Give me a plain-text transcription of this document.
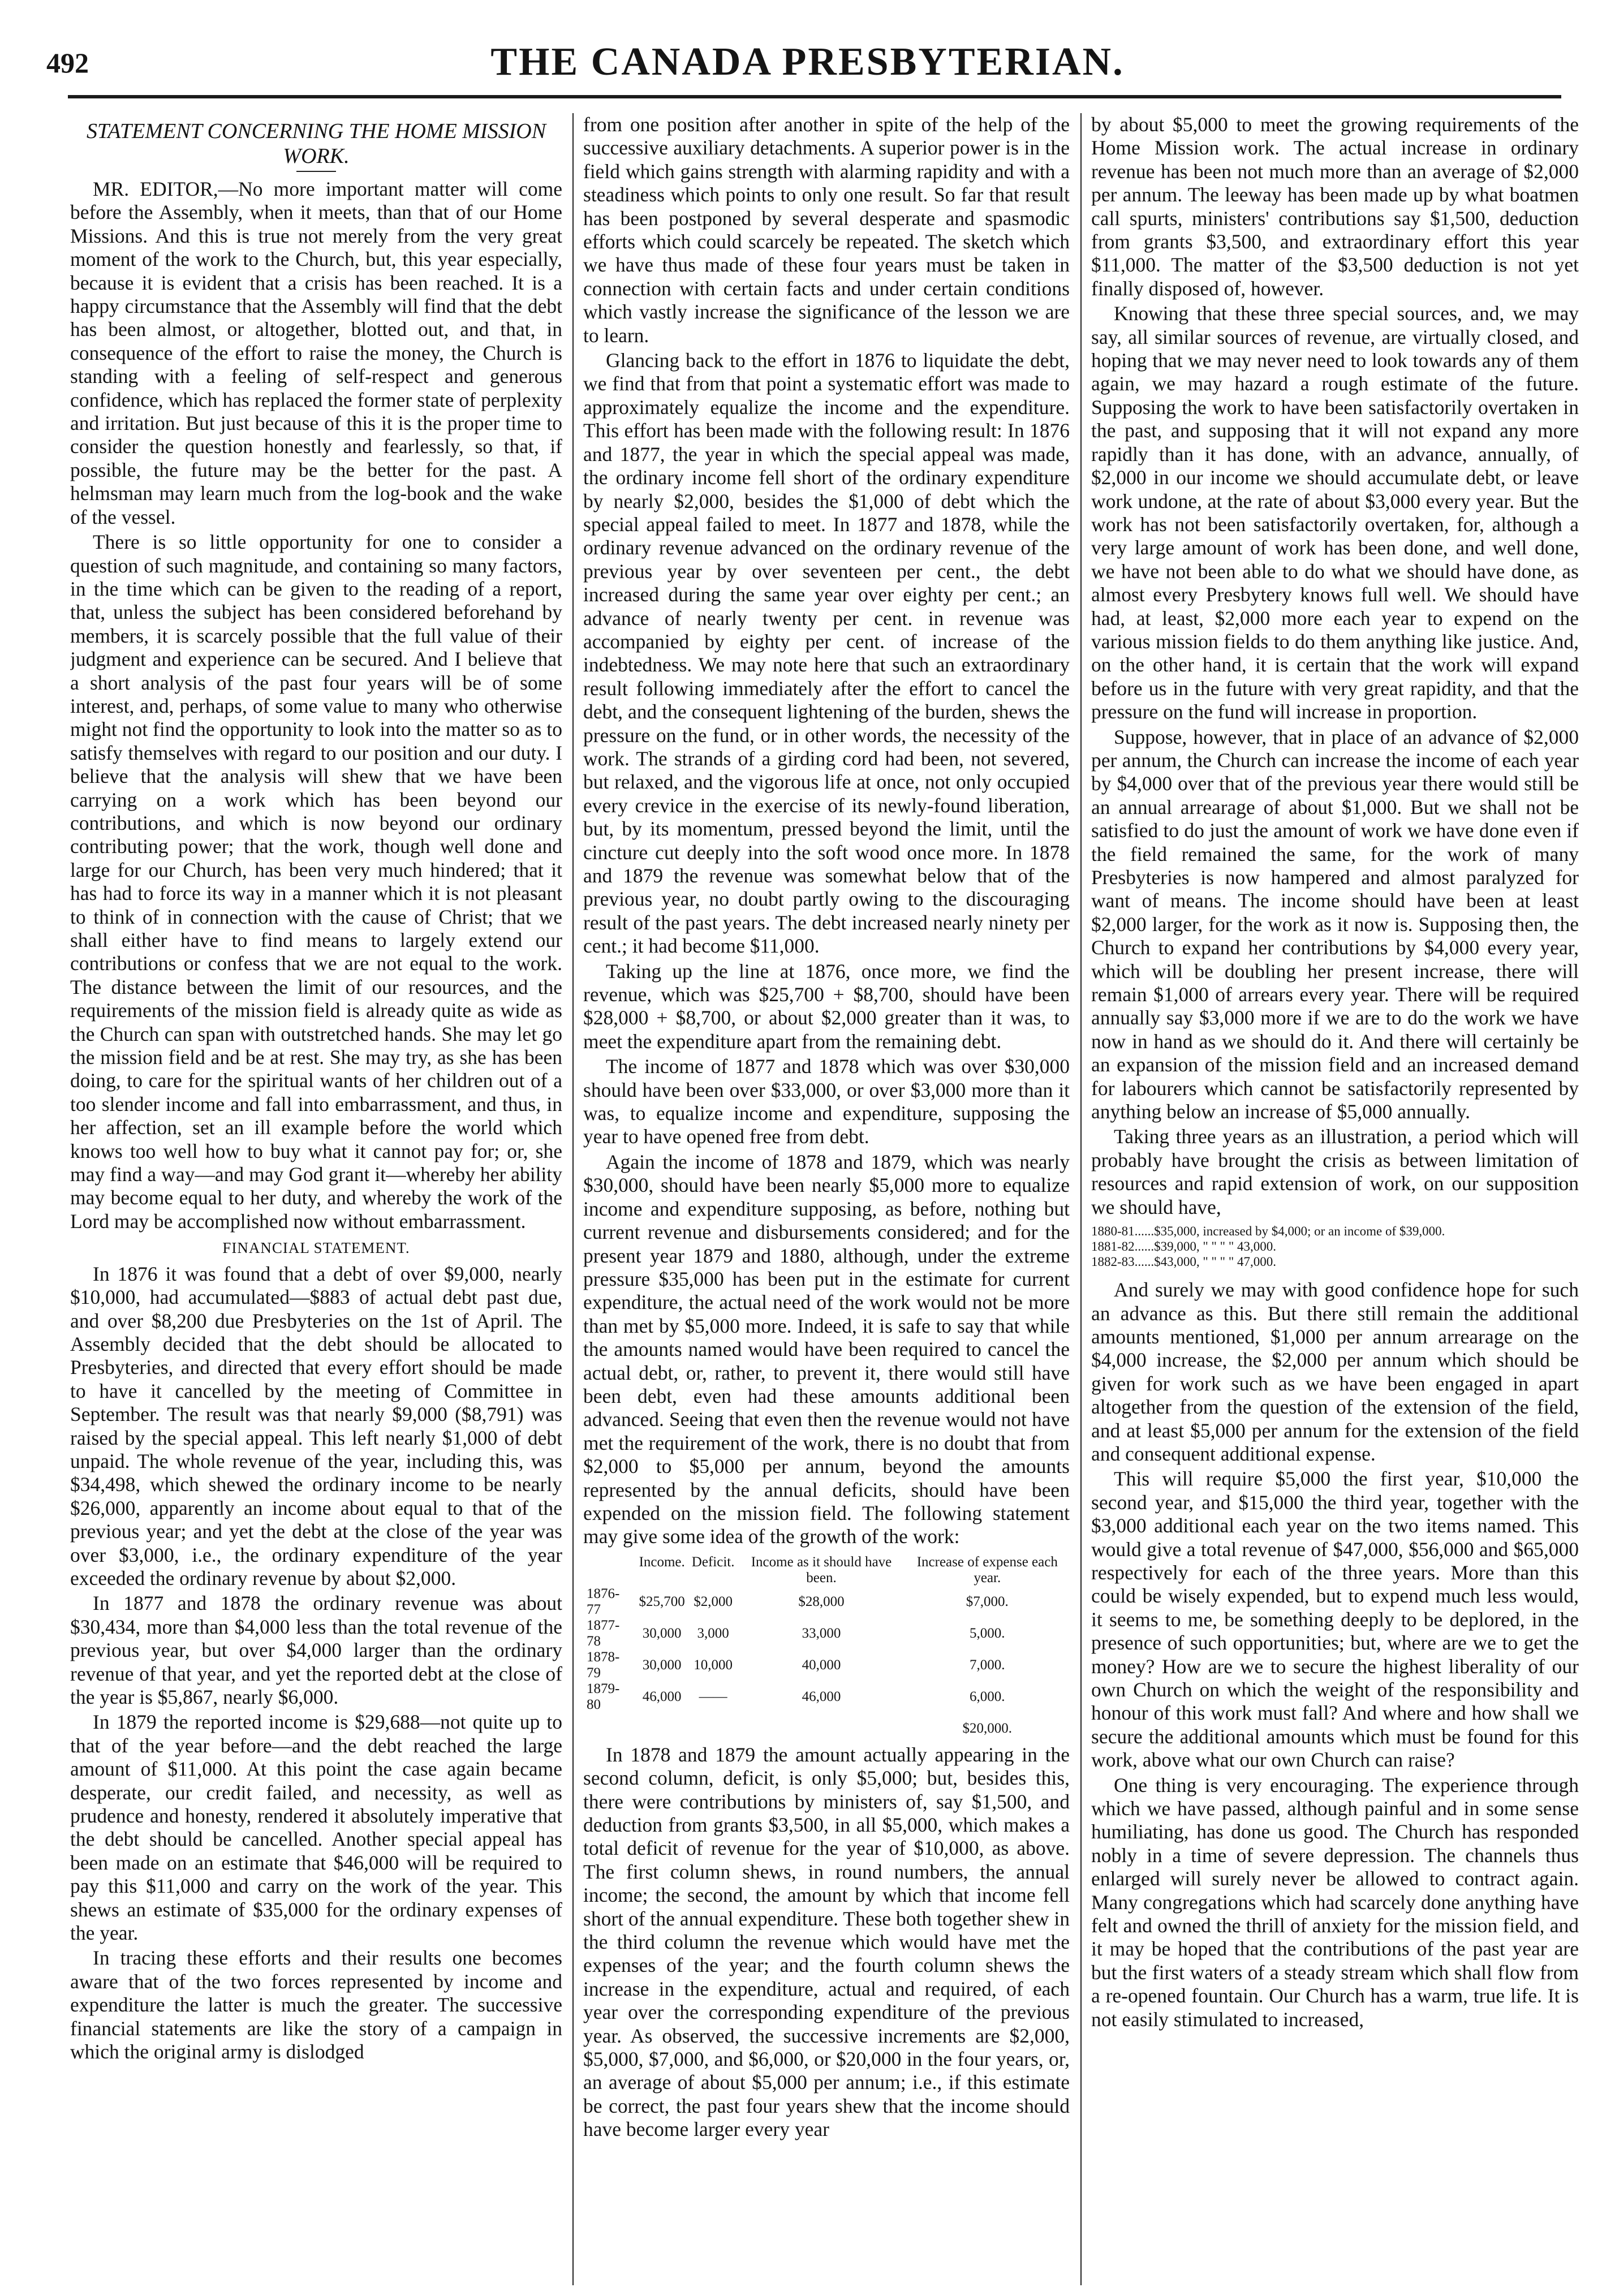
492	THE CANADA PRESBYTERIAN.
STATEMENT CONCERNING THE HOME MISSION WORK.

MR. EDITOR,—No more important matter will come before the Assembly, when it meets, than that of our Home Missions. And this is true not merely from the very great moment of the work to the Church, but, this year especially, because it is evident that a crisis has been reached. It is a happy circumstance that the Assembly will find that the debt has been almost, or altogether, blotted out, and that, in consequence of the effort to raise the money, the Church is standing with a feeling of self-respect and generous confidence, which has replaced the former state of perplexity and irritation. But just because of this it is the proper time to consider the question honestly and fearlessly, so that, if possible, the future may be the better for the past. A helmsman may learn much from the log-book and the wake of the vessel.

There is so little opportunity for one to consider a question of such magnitude, and containing so many factors, in the time which can be given to the reading of a report, that, unless the subject has been considered beforehand by members, it is scarcely possible that the full value of their judgment and experience can be secured. And I believe that a short analysis of the past four years will be of some interest, and, perhaps, of some value to many who otherwise might not find the opportunity to look into the matter so as to satisfy themselves with regard to our position and our duty. I believe that the analysis will shew that we have been carrying on a work which has been beyond our contributions, and which is now beyond our ordinary contributing power; that the work, though well done and large for our Church, has been very much hindered; that it has had to force its way in a manner which it is not pleasant to think of in connection with the cause of Christ; that we shall either have to find means to largely extend our contributions or confess that we are not equal to the work. The distance between the limit of our resources, and the requirements of the mission field is already quite as wide as the Church can span with outstretched hands. She may let go the mission field and be at rest. She may try, as she has been doing, to care for the spiritual wants of her children out of a too slender income and fall into embarrassment, and thus, in her affection, set an ill example before the world which knows too well how to buy what it cannot pay for; or, she may find a way—and may God grant it—whereby her ability may become equal to her duty, and whereby the work of the Lord may be accomplished now without embarrassment.

FINANCIAL STATEMENT.

In 1876 it was found that a debt of over $9,000, nearly $10,000, had accumulated—$883 of actual debt past due, and over $8,200 due Presbyteries on the 1st of April. The Assembly decided that the debt should be allocated to Presbyteries, and directed that every effort should be made to have it cancelled by the meeting of Committee in September. The result was that nearly $9,000 ($8,791) was raised by the special appeal. This left nearly $1,000 of debt unpaid. The whole revenue of the year, including this, was $34,498, which shewed the ordinary income to be nearly $26,000, apparently an income about equal to that of the previous year; and yet the debt at the close of the year was over $3,000, i.e., the ordinary expenditure of the year exceeded the ordinary revenue by about $2,000.

In 1877 and 1878 the ordinary revenue was about $30,434, more than $4,000 less than the total revenue of the previous year, but over $4,000 larger than the ordinary revenue of that year, and yet the reported debt at the close of the year is $5,867, nearly $6,000.

In 1879 the reported income is $29,688—not quite up to that of the year before—and the debt reached the large amount of $11,000. At this point the case again became desperate, our credit failed, and necessity, as well as prudence and honesty, rendered it absolutely imperative that the debt should be cancelled. Another special appeal has been made on an estimate that $46,000 will be required to pay this $11,000 and carry on the work of the year. This shews an estimate of $35,000 for the ordinary expenses of the year.

In tracing these efforts and their results one becomes aware that of the two forces represented by income and expenditure the latter is much the greater. The successive financial statements are like the story of a campaign in which the original army is dislodged

from one position after another in spite of the help of the successive auxiliary detachments. A superior power is in the field which gains strength with alarming rapidity and with a steadiness which points to only one result. So far that result has been postponed by several desperate and spasmodic efforts which could scarcely be repeated. The sketch which we have thus made of these four years must be taken in connection with certain facts and under certain conditions which vastly increase the significance of the lesson we are to learn.

Glancing back to the effort in 1876 to liquidate the debt, we find that from that point a systematic effort was made to approximately equalize the income and the expenditure. This effort has been made with the following result: In 1876 and 1877, the year in which the special appeal was made, the ordinary income fell short of the ordinary expenditure by nearly $2,000, besides the $1,000 of debt which the special appeal failed to meet. In 1877 and 1878, while the ordinary revenue advanced on the ordinary revenue of the previous year by over seventeen per cent., the debt increased during the same year over eighty per cent.; an advance of nearly twenty per cent. in revenue was accompanied by eighty per cent. of increase of the indebtedness. We may note here that such an extraordinary result following immediately after the effort to cancel the debt, and the consequent lightening of the burden, shews the pressure on the fund, or in other words, the necessity of the work. The strands of a girding cord had been, not severed, but relaxed, and the vigorous life at once, not only occupied every crevice in the exercise of its newly-found liberation, but, by its momentum, pressed beyond the limit, until the cincture cut deeply into the soft wood once more. In 1878 and 1879 the revenue was somewhat below that of the previous year, no doubt partly owing to the discouraging result of the past years. The debt increased nearly ninety per cent.; it had become $11,000.

Taking up the line at 1876, once more, we find the revenue, which was $25,700 + $8,700, should have been $28,000 + $8,700, or about $2,000 greater than it was, to meet the expenditure apart from the remaining debt.

The income of 1877 and 1878 which was over $30,000 should have been over $33,000, or over $3,000 more than it was, to equalize income and expenditure, supposing the year to have opened free from debt.

Again the income of 1878 and 1879, which was nearly $30,000, should have been nearly $5,000 more to equalize income and expenditure supposing, as before, nothing but current revenue and disbursements considered; and for the present year 1879 and 1880, although, under the extreme pressure $35,000 has been put in the estimate for current expenditure, the actual need of the work would not be more than met by $5,000 more. Indeed, it is safe to say that while the amounts named would have been required to cancel the actual debt, or, rather, to prevent it, there would still have been debt, even had these amounts additional been advanced. Seeing that even then the revenue would not have met the requirement of the work, there is no doubt that from $2,000 to $5,000 per annum, beyond the amounts represented by the annual deficits, should have been expended on the mission field. The following statement may give some idea of the growth of the work:

	Income.	Deficit.	Income as it should have been.	Increase of expense each year.
1876-77	$25,700	$2,000	$28,000	$7,000.
1877-78	30,000	3,000	33,000	5,000.
1878-79	30,000	10,000	40,000	7,000.
1879-80	46,000	——	46,000	6,000.
				$20,000.

In 1878 and 1879 the amount actually appearing in the second column, deficit, is only $5,000; but, besides this, there were contributions by ministers of, say $1,500, and deduction from grants $3,500, in all $5,000, which makes a total deficit of revenue for the year of $10,000, as above. The first column shews, in round numbers, the annual income; the second, the amount by which that income fell short of the annual expenditure. These both together shew in the third column the revenue which would have met the expenses of the year; and the fourth column shews the increase in the expenditure, actual and required, of each year over the corresponding expenditure of the previous year. As observed, the successive increments are $2,000, $5,000, $7,000, and $6,000, or $20,000 in the four years, or, an average of about $5,000 per annum; i.e., if this estimate be correct, the past four years shew that the income should have become larger every year

by about $5,000 to meet the growing requirements of the Home Mission work. The actual increase in ordinary revenue has been not much more than an average of $2,000 per annum. The leeway has been made up by what boatmen call spurts, ministers' contributions say $1,500, deduction from grants $3,500, and extraordinary effort this year $11,000. The matter of the $3,500 deduction is not yet finally disposed of, however.

Knowing that these three special sources, and, we may say, all similar sources of revenue, are virtually closed, and hoping that we may never need to look towards any of them again, we may hazard a rough estimate of the future. Supposing the work to have been satisfactorily overtaken in the past, and supposing that it will not expand any more rapidly than it has done, with an advance, annually, of $2,000 in our income we should accumulate debt, or leave work undone, at the rate of about $3,000 every year. But the work has not been satisfactorily overtaken, for, although a very large amount of work has been done, and well done, we have not been able to do what we should have done, as almost every Presbytery knows full well. We should have had, at least, $2,000 more each year to expend on the various mission fields to do them anything like justice. And, on the other hand, it is certain that the work will expand before us in the future with very great rapidity, and that the pressure on the fund will increase in proportion.

Suppose, however, that in place of an advance of $2,000 per annum, the Church can increase the income of each year by $4,000 over that of the previous year there would still be an annual arrearage of about $1,000. But we shall not be satisfied to do just the amount of work we have done even if the field remained the same, for the work of many Presbyteries is now hampered and almost paralyzed for want of means. The income should have been at least $2,000 larger, for the work as it now is. Supposing then, the Church to expand her contributions by $4,000 every year, which will be doubling her present increase, there will remain $1,000 of arrears every year. There will be required annually say $3,000 more if we are to do the work we have now in hand as we should do it. And there will certainly be an expansion of the mission field and an increased demand for labourers which cannot be satisfactorily represented by anything below an increase of $5,000 annually.

Taking three years as an illustration, a period which will probably have brought the crisis as between limitation of resources and rapid extension of work, on our supposition we should have,

1880-81......$35,000, increased by $4,000; or an income of $39,000.
1881-82......$39,000, " " " " 43,000.
1882-83......$43,000, " " " " 47,000.

And surely we may with good confidence hope for such an advance as this. But there still remain the additional amounts mentioned, $1,000 per annum arrearage on the $4,000 increase, the $2,000 per annum which should be given for work such as we have been engaged in apart altogether from the question of the extension of the field, and at least $5,000 per annum for the extension of the field and consequent additional expense.

This will require $5,000 the first year, $10,000 the second year, and $15,000 the third year, together with the $3,000 additional each year on the two items named. This would give a total revenue of $47,000, $56,000 and $65,000 respectively for each of the three years. More than this could be wisely expended, but to expend much less would, it seems to me, be something deeply to be deplored, in the presence of such opportunities; but, where are we to get the money? How are we to secure the highest liberality of our own Church on which the weight of the responsibility and honour of this work must fall? And where and how shall we secure the additional amounts which must be found for this work, above what our own Church can raise?

One thing is very encouraging. The experience through which we have passed, although painful and in some sense humiliating, has done us good. The Church has responded nobly in a time of severe depression. The channels thus enlarged will surely never be allowed to contract again. Many congregations which had scarcely done anything have felt and owned the thrill of anxiety for the mission field, and it may be hoped that the contributions of the past year are but the first waters of a steady stream which shall flow from a re-opened fountain. Our Church has a warm, true life. It is not easily stimulated to increased,
